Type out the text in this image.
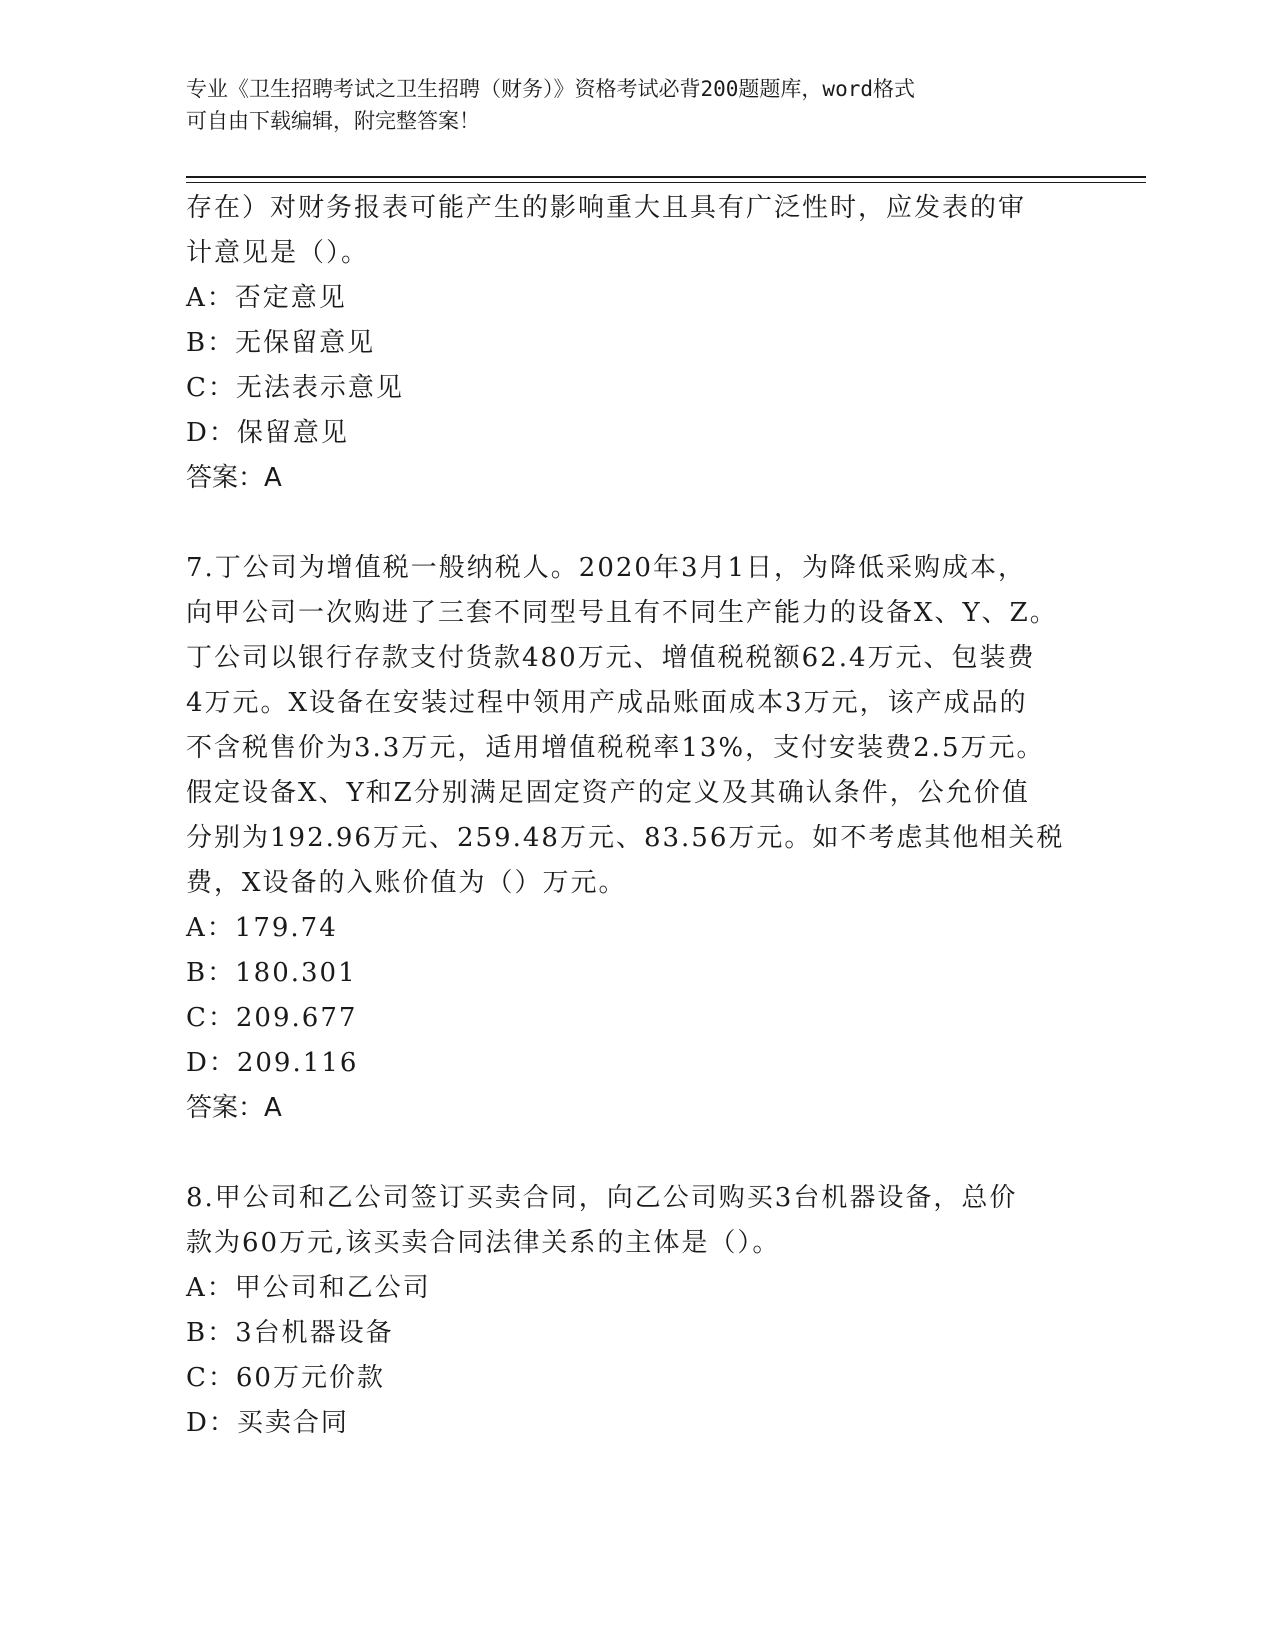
专业《卫生招聘考试之卫生招聘（财务）》资格考试必背200题题库，word格式
可自由下载编辑，附完整答案！
存在）对财务报表可能产生的影响重大且具有广泛性时，应发表的审
计意见是（）。
A：否定意见
B：无保留意见
C：无法表示意见
D：保留意见
答案：A
7.丁公司为增值税一般纳税人。2020年3月1日，为降低采购成本，
向甲公司一次购进了三套不同型号且有不同生产能力的设备X、Y、Z。
丁公司以银行存款支付货款480万元、增值税税额62.4万元、包装费
4万元。X设备在安装过程中领用产成品账面成本3万元，该产成品的
不含税售价为3.3万元，适用增值税税率13%，支付安装费2.5万元。
假定设备X、Y和Z分别满足固定资产的定义及其确认条件，公允价值
分别为192.96万元、259.48万元、83.56万元。如不考虑其他相关税
费，X设备的入账价值为（）万元。
A：179.74
B：180.301
C：209.677
D：209.116
答案：A
8.甲公司和乙公司签订买卖合同，向乙公司购买3台机器设备，总价
款为60万元,该买卖合同法律关系的主体是（）。
A：甲公司和乙公司
B：3台机器设备
C：60万元价款
D：买卖合同
